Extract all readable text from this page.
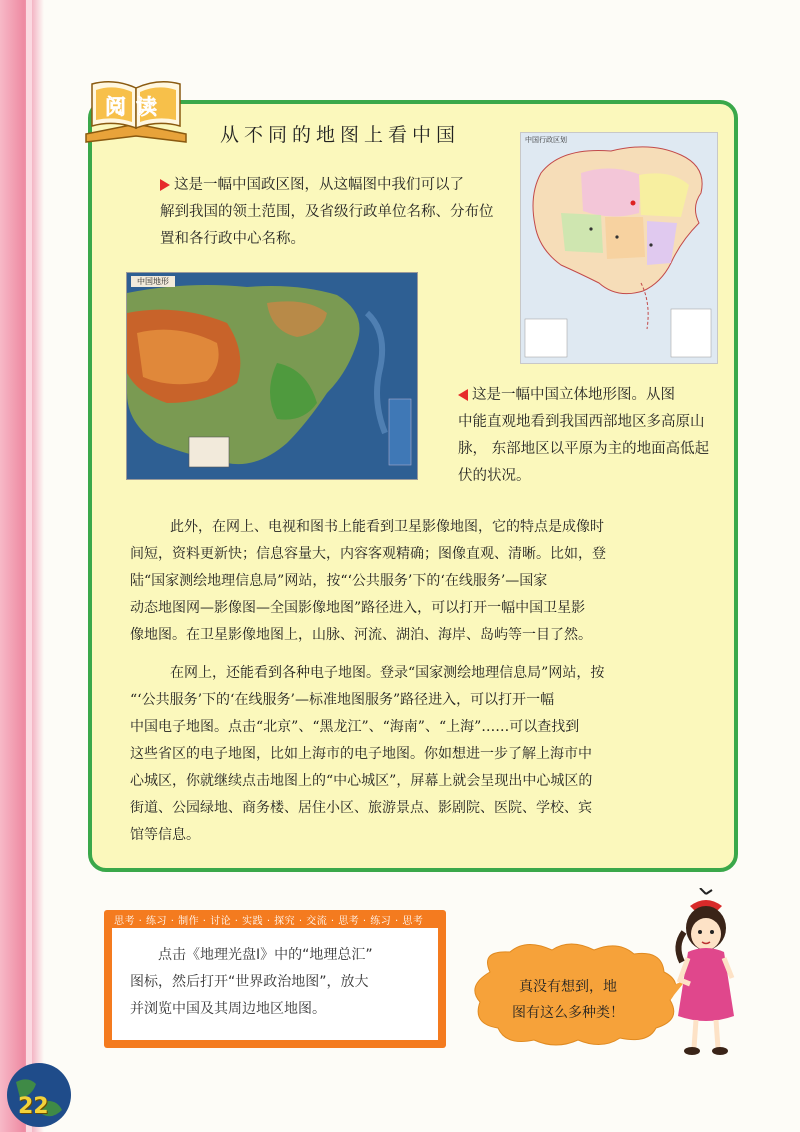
阅读
从不同的地图上看中国	中国行政区划

这是一幅中国政区图，从这幅图中我们可以了
解到我国的领土范围，及省级行政单位名称、分布位
置和各行政中心名称。

中国地形

这是一幅中国立体地形图。从图
中能直观地看到我国西部地区多高原山
脉， 东部地区以平原为主的地面高低起
伏的状况。

此外，在网上、电视和图书上能看到卫星影像地图，它的特点是成像时
间短，资料更新快；信息容量大，内容客观精确；图像直观、清晰。比如，登
陆“国家测绘地理信息局”网站，按“‘公共服务’下的‘在线服务’—国家
动态地图网—影像图—全国影像地图”路径进入，可以打开一幅中国卫星影
像地图。在卫星影像地图上，山脉、河流、湖泊、海岸、岛屿等一目了然。

在网上，还能看到各种电子地图。登录“国家测绘地理信息局”网站，按
“‘公共服务’下的‘在线服务’—标准地图服务”路径进入，可以打开一幅
中国电子地图。点击“北京”、“黑龙江”、“海南”、“上海”……可以查找到
这些省区的电子地图，比如上海市的电子地图。你如想进一步了解上海市中
心城区，你就继续点击地图上的“中心城区”，屏幕上就会呈现出中心城区的
街道、公园绿地、商务楼、居住小区、旅游景点、影剧院、医院、学校、宾
馆等信息。

思考 · 练习 · 制作 · 讨论 · 实践 · 探究 · 交流 · 思考 · 练习 · 思考

点击《地理光盘Ⅰ》中的“地理总汇”
图标，然后打开“世界政治地图”，放大
并浏览中国及其周边地区地图。

真没有想到，地
图有这么多种类！

22
